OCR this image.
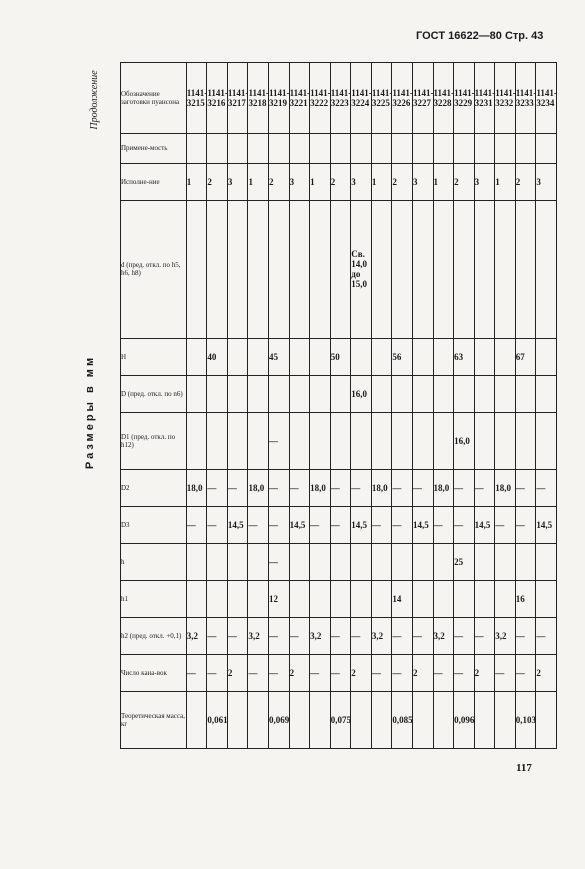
ГОСТ 16622—80 Стр. 43
Продолжение
Размеры в мм
Обозначение заготовки пуансона	1141-3215	1141-3216	1141-3217	1141-3218	1141-3219	1141-3221	1141-3222	1141-3223	1141-3224	1141-3225	1141-3226	1141-3227	1141-3228	1141-3229	1141-3231	1141-3232	1141-3233	1141-3234
Примене-мость																		
Исполне-ние	1	2	3	1	2	3	1	2	3	1	2	3	1	2	3	1	2	3
d (пред. откл. по h5, h6, h8)									Св. 14,0 до 15,0									
H		40			45			50			56			63			67	
D (пред. откл. по n6)									16,0									
D1 (пред. откл. по h12)					—									16,0				
D2	18,0	—	—	18,0	—	—	18,0	—	—	18,0	—	—	18,0	—	—	18,0	—	—
D3	—	—	14,5	—	—	14,5	—	—	14,5	—	—	14,5	—	—	14,5	—	—	14,5
h					—									25				
h1					12						14						16	
h2 (пред. откл. +0,1)	3,2	—	—	3,2	—	—	3,2	—	—	3,2	—	—	3,2	—	—	3,2	—	—
Число кана-вок	—	—	2	—	—	2	—	—	2	—	—	2	—	—	2	—	—	2
Теоретическая масса, кг		0,061			0,069			0,075			0,085			0,096			0,103	
117
